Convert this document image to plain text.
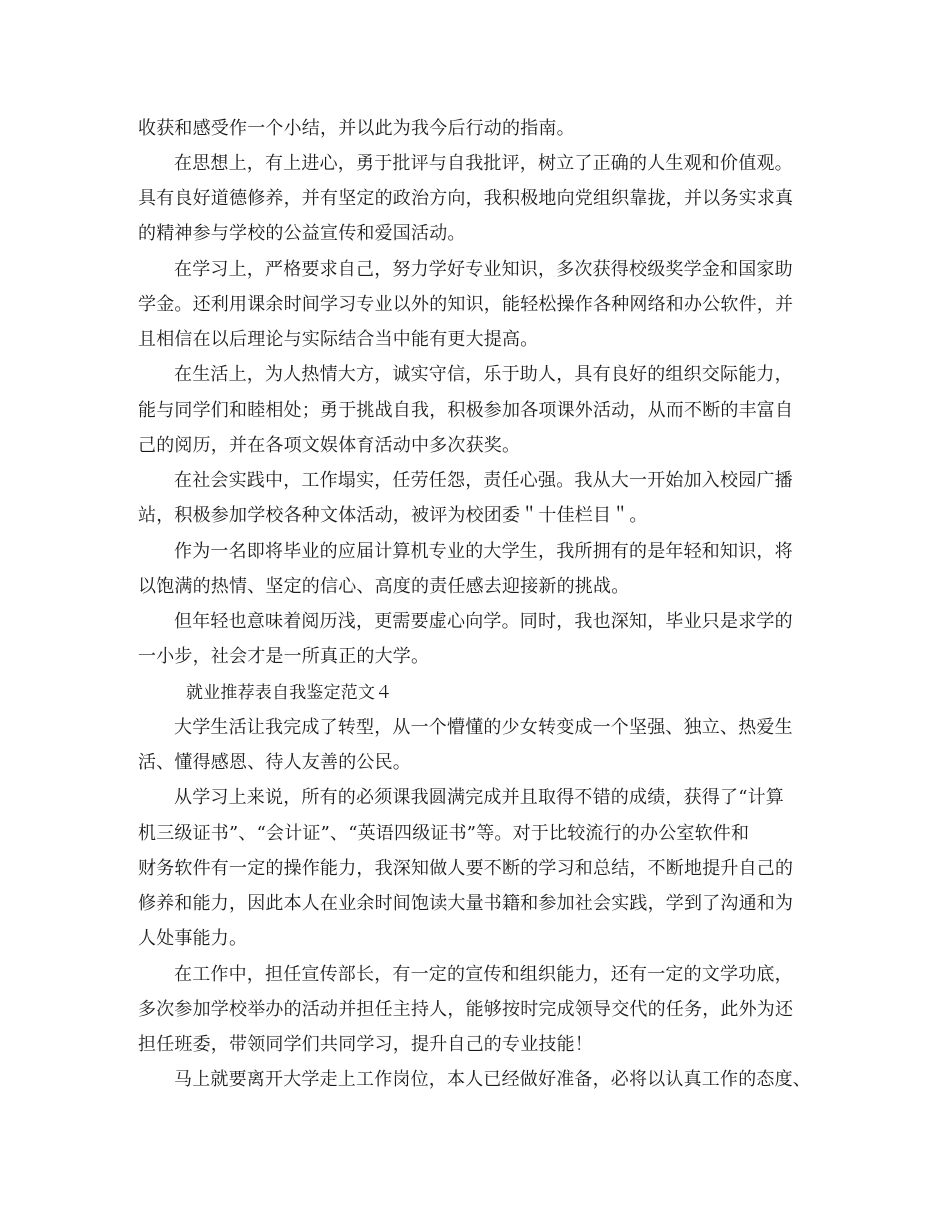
收获和感受作一个小结，并以此为我今后行动的指南。
在思想上，有上进心，勇于批评与自我批评，树立了正确的人生观和价值观。
具有良好道德修养，并有坚定的政治方向，我积极地向党组织靠拢，并以务实求真
的精神参与学校的公益宣传和爱国活动。
在学习上，严格要求自己，努力学好专业知识，多次获得校级奖学金和国家助
学金。还利用课余时间学习专业以外的知识，能轻松操作各种网络和办公软件，并
且相信在以后理论与实际结合当中能有更大提高。
在生活上，为人热情大方，诚实守信，乐于助人，具有良好的组织交际能力，
能与同学们和睦相处；勇于挑战自我，积极参加各项课外活动，从而不断的丰富自
己的阅历，并在各项文娱体育活动中多次获奖。
在社会实践中，工作塌实，任劳任怨，责任心强。我从大一开始加入校园广播
站，积极参加学校各种文体活动，被评为校团委＂十佳栏目＂。
作为一名即将毕业的应届计算机专业的大学生，我所拥有的是年轻和知识，将
以饱满的热情、坚定的信心、高度的责任感去迎接新的挑战。
但年轻也意味着阅历浅，更需要虚心向学。同时，我也深知，毕业只是求学的
一小步，社会才是一所真正的大学。
就业推荐表自我鉴定范文４
大学生活让我完成了转型，从一个懵懂的少女转变成一个坚强、独立、热爱生
活、懂得感恩、待人友善的公民。
从学习上来说，所有的必须课我圆满完成并且取得不错的成绩，获得了“计算
机三级证书”、“会计证”、“英语四级证书”等。对于比较流行的办公室软件和
财务软件有一定的操作能力，我深知做人要不断的学习和总结，不断地提升自己的
修养和能力，因此本人在业余时间饱读大量书籍和参加社会实践，学到了沟通和为
人处事能力。
在工作中，担任宣传部长，有一定的宣传和组织能力，还有一定的文学功底，
多次参加学校举办的活动并担任主持人，能够按时完成领导交代的任务，此外为还
担任班委，带领同学们共同学习，提升自己的专业技能！
马上就要离开大学走上工作岗位，本人已经做好准备，必将以认真工作的态度、
